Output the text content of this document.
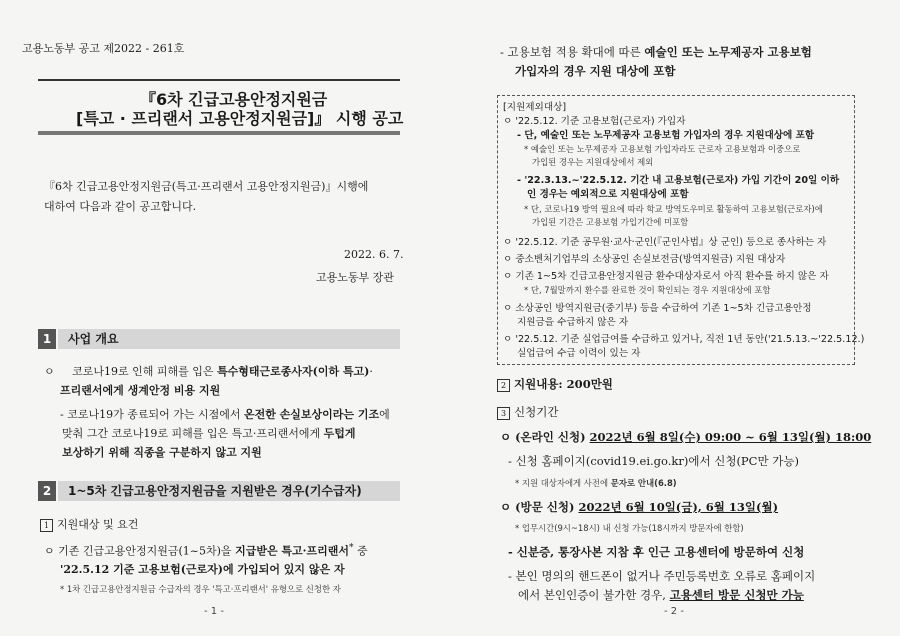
고용노동부 공고 제2022 - 261호
『6차 긴급고용안정지원금
[특고 · 프리랜서 고용안정지원금]』 시행 공고
『6차 긴급고용안정지원금(특고·프리랜서 고용안정지원금)』시행에
대하여 다음과 같이 공고합니다.
2022. 6. 7.
고용노동부 장관
1	사업 개요
ㅇ 코로나19로 인해 피해를 입은 특수형태근로종사자(이하 특고)·
프리랜서에게 생계안정 비용 지원
- 코로나19가 종료되어 가는 시점에서 온전한 손실보상이라는 기조에
맞춰 그간 코로나19로 피해를 입은 특고·프리랜서에게 두텁게
보상하기 위해 직종을 구분하지 않고 지원
2	1~5차 긴급고용안정지원금을 지원받은 경우(기수급자)
1 지원대상 및 요건
ㅇ 기존 긴급고용안정지원금(1~5차)을 지급받은 특고·프리랜서* 중
'22.5.12 기준 고용보험(근로자)에 가입되어 있지 않은 자
* 1차 긴급고용안정지원금 수급자의 경우 '특고·프리랜서' 유형으로 신청한 자
- 1 -
- 고용보험 적용 확대에 따른 예술인 또는 노무제공자 고용보험
가입자의 경우 지원 대상에 포함
[지원제외대상]
ㅇ '22.5.12. 기준 고용보험(근로자) 가입자
- 단, 예술인 또는 노무제공자 고용보험 가입자의 경우 지원대상에 포함
* 예술인 또는 노무제공자 고용보험 가입자라도 근로자 고용보험과 이중으로
가입된 경우는 지원대상에서 제외
- '22.3.13.~'22.5.12. 기간 내 고용보험(근로자) 가입 기간이 20일 이하
인 경우는 예외적으로 지원대상에 포함
* 단, 코로나19 방역 필요에 따라 학교 방역도우미로 활동하여 고용보험(근로자)에
가입된 기간은 고용보험 가입기간에 미포함
ㅇ '22.5.12. 기준 공무원·교사·군인(『군인사법』상 군인) 등으로 종사하는 자
ㅇ 중소벤처기업부의 소상공인 손실보전금(방역지원금) 지원 대상자
ㅇ 기존 1~5차 긴급고용안정지원금 환수대상자로서 아직 환수를 하지 않은 자
* 단, 7월말까지 환수를 완료한 것이 확인되는 경우 지원대상에 포함
ㅇ 소상공인 방역지원금(중기부) 등을 수급하여 기존 1~5차 긴급고용안정
지원금을 수급하지 않은 자
ㅇ '22.5.12. 기준 실업급여를 수급하고 있거나, 직전 1년 동안('21.5.13.~'22.5.12.)
실업급여 수급 이력이 있는 자
2 지원내용: 200만원
3 신청기간
ㅇ (온라인 신청) 2022년 6월 8일(수) 09:00 ~ 6월 13일(월) 18:00
- 신청 홈페이지(covid19.ei.go.kr)에서 신청(PC만 가능)
* 지원 대상자에게 사전에 문자로 안내(6.8)
ㅇ (방문 신청) 2022년 6월 10일(금), 6월 13일(월)
* 업무시간(9시~18시) 내 신청 가능(18시까지 방문자에 한함)
- 신분증, 통장사본 지참 후 인근 고용센터에 방문하여 신청
- 본인 명의의 핸드폰이 없거나 주민등록번호 오류로 홈페이지
에서 본인인증이 불가한 경우, 고용센터 방문 신청만 가능
- 2 -
